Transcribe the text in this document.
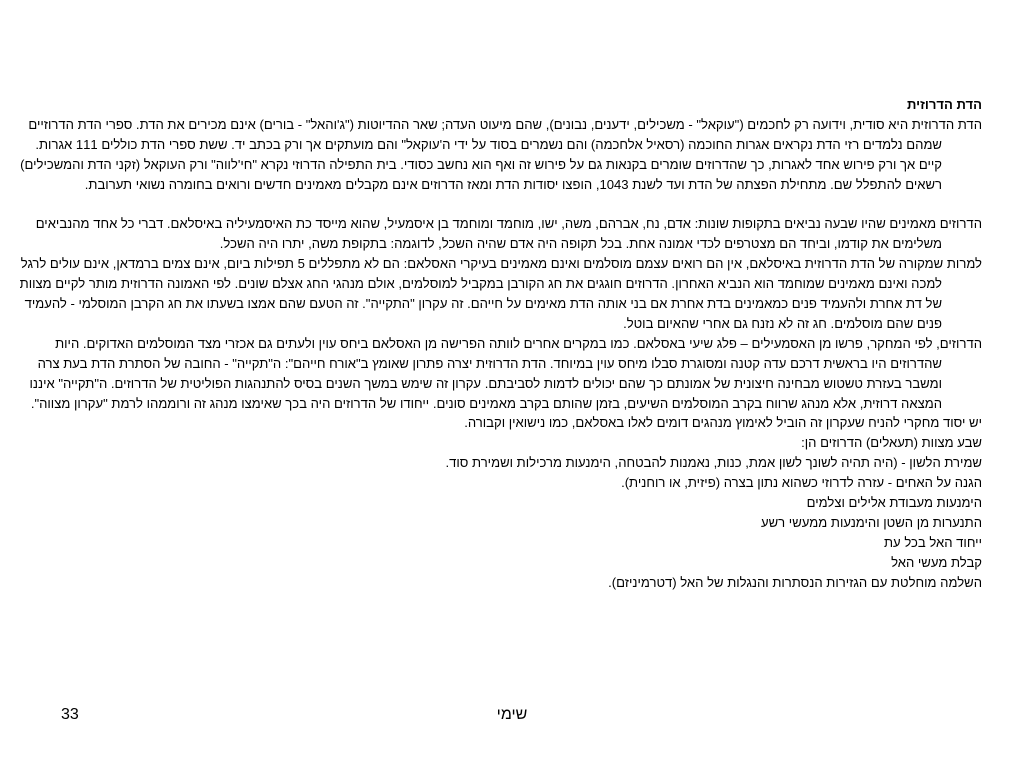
הדת הדרוזית

הדת הדרוזית היא סודית, וידועה רק לחכמים ("עוקאל" - משכילים, ידענים, נבונים), שהם מיעוט העדה; שאר ההדיוטות ("ג'והאל" - בורים) אינם מכירים את הדת. ספרי הדת הדרוזיים שמהם נלמדים רזי הדת נקראים אגרות החוכמה (רסאיל אלחכמה) והם נשמרים בסוד על ידי ה'עוקאל" והם מועתקים אך ורק בכתב יד. ששת ספרי הדת כוללים 111 אגרות. קיים אך ורק פירוש אחד לאגרות, כך שהדרוזים שומרים בקנאות גם על פירוש זה ואף הוא נחשב כסודי. בית התפילה הדרוזי נקרא "חי'לווה" ורק העוקאל (זקני הדת והמשכילים) רשאים להתפלל שם. מתחילת הפצתה של הדת ועד לשנת 1043, הופצו יסודות הדת ומאז הדרוזים אינם מקבלים מאמינים חדשים ורואים בחומרה נשואי תערובת.

הדרוזים מאמינים שהיו שבעה נביאים בתקופות שונות: אדם, נח, אברהם, משה, ישו, מוחמד ומוחמד בן איסמעיל, שהוא מייסד כת האיסמעיליה באיסלאם. דברי כל אחד מהנביאים משלימים את קודמו, וביחד הם מצטרפים לכדי אמונה אחת. בכל תקופה היה אדם שהיה השכל, לדוגמה: בתקופת משה, יתרו היה השכל.

למרות שמקורה של הדת הדרוזית באיסלאם, אין הם רואים עצמם מוסלמים ואינם מאמינים בעיקרי האסלאם: הם לא מתפללים 5 תפילות ביום, אינם צמים ברמדאן, אינם עולים לרגל למכה ואינם מאמינים שמוחמד הוא הנביא האחרון. הדרוזים חוגגים את חג הקורבן במקביל למוסלמים, אולם מנהגי החג אצלם שונים. לפי האמונה הדרוזית מותר לקיים מצוות של דת אחרת ולהעמיד פנים כמאמינים בדת אחרת אם בני אותה הדת מאימים על חייהם. זה עקרון "התקייה". זה הטעם שהם אמצו בשעתו את חג הקרבן המוסלמי - להעמיד פנים שהם מוסלמים. חג זה לא נזנח גם אחרי שהאיום בוטל.

הדרוזים, לפי המחקר, פרשו מן האסמעילים – פלג שיעי באסלאם. כמו במקרים אחרים לוותה הפרישה מן האסלאם ביחס עוין ולעתים גם אכזרי מצד המוסלמים האדוקים. היות שהדרוזים היו בראשית דרכם עדה קטנה ומסוגרת סבלו מיחס עוין במיוחד. הדת הדרוזית יצרה פתרון שאומץ ב"אורח חייהם": ה"תקייה" - החובה של הסתרת הדת בעת צרה ומשבר בעזרת טשטוש מבחינה חיצונית של אמונתם כך שהם יכולים לדמות לסביבתם. עקרון זה שימש במשך השנים בסיס להתנהגות הפוליטית של הדרוזים. ה"תקייה" איננו המצאה דרוזית, אלא מנהג שרווח בקרב המוסלמים השיעים, בזמן שהותם בקרב מאמינים סונים. ייחודו של הדרוזים היה בכך שאימצו מנהג זה ורוממהו לרמת "עקרון מצווה".

יש יסוד מחקרי להניח שעקרון זה הוביל לאימוץ מנהגים דומים לאלו באסלאם, כמו נישואין וקבורה.

שבע מצוות (תעאלים) הדרוזים הן:

שמירת הלשון - (היה תהיה לשונך לשון אמת, כנות, נאמנות להבטחה, הימנעות מרכילות ושמירת סוד.

הגנה על האחים - עזרה לדרוזי כשהוא נתון בצרה (פיזית, או רוחנית).

הימנעות מעבודת אלילים וצלמים

התנערות מן השטן והימנעות ממעשי רשע

ייחוד האל בכל עת

קבלת מעשי האל

השלמה מוחלטת עם הגזירות הנסתרות והנגלות של האל (דטרמיניזם).

שימי
33
